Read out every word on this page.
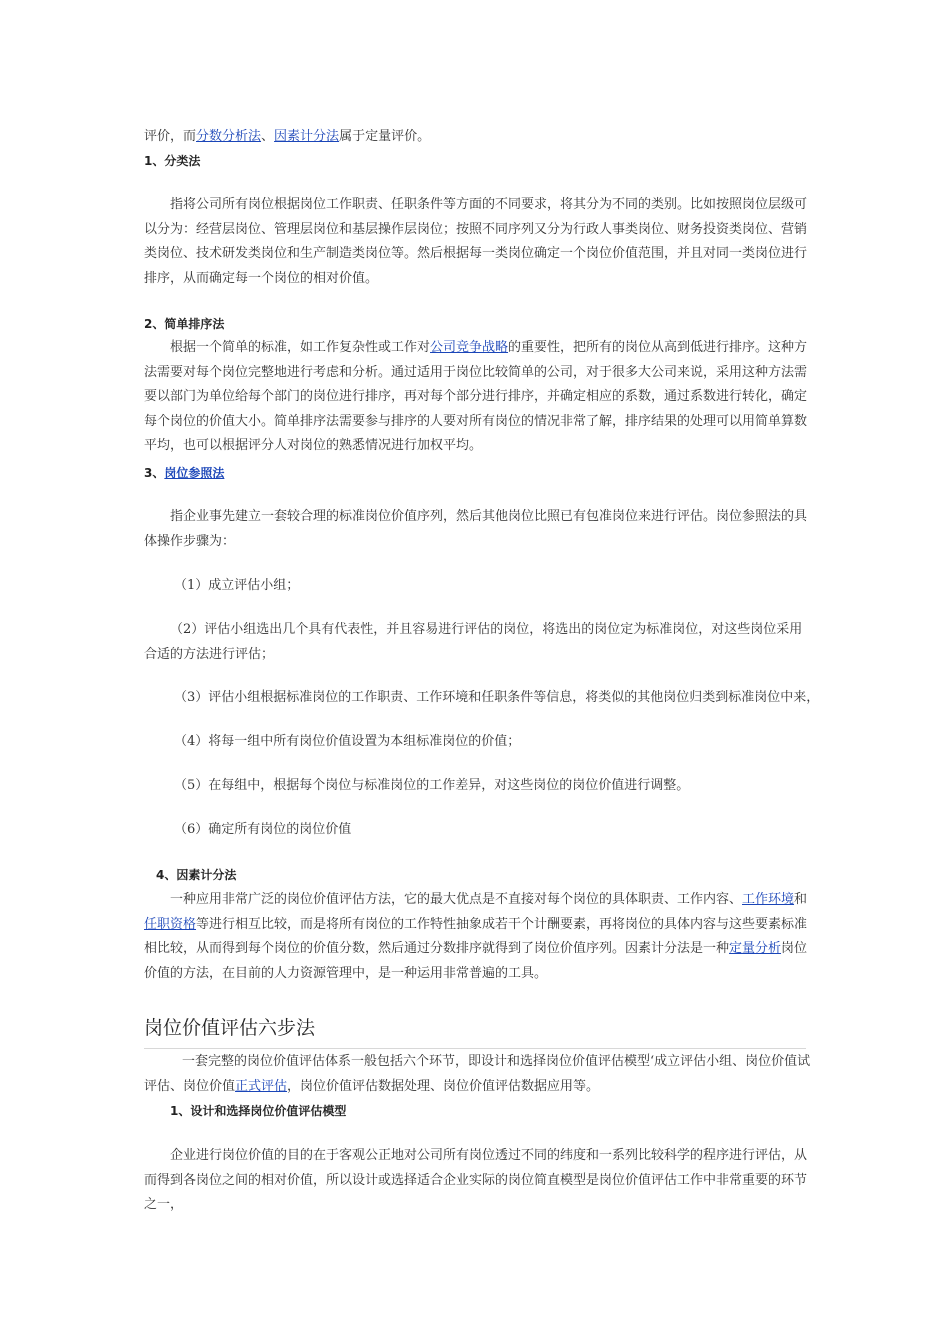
评价，而分数分析法、因素计分法属于定量评价。
1、分类法
指将公司所有岗位根据岗位工作职责、任职条件等方面的不同要求，将其分为不同的类别。比如按照岗位层级可以分为：经营层岗位、管理层岗位和基层操作层岗位；按照不同序列又分为行政人事类岗位、财务投资类岗位、营销类岗位、技术研发类岗位和生产制造类岗位等。然后根据每一类岗位确定一个岗位价值范围，并且对同一类岗位进行排序，从而确定每一个岗位的相对价值。
2、简单排序法
根据一个简单的标准，如工作复杂性或工作对公司竞争战略的重要性，把所有的岗位从高到低进行排序。这种方法需要对每个岗位完整地进行考虑和分析。通过适用于岗位比较简单的公司，对于很多大公司来说，采用这种方法需要以部门为单位给每个部门的岗位进行排序，再对每个部分进行排序，并确定相应的系数，通过系数进行转化，确定每个岗位的价值大小。简单排序法需要参与排序的人要对所有岗位的情况非常了解，排序结果的处理可以用简单算数平均，也可以根据评分人对岗位的熟悉情况进行加权平均。
3、岗位参照法
指企业事先建立一套较合理的标准岗位价值序列，然后其他岗位比照已有包准岗位来进行评估。岗位参照法的具体操作步骤为：
（1）成立评估小组；
（2）评估小组选出几个具有代表性，并且容易进行评估的岗位，将选出的岗位定为标准岗位，对这些岗位采用合适的方法进行评估；
（3）评估小组根据标准岗位的工作职责、工作环境和任职条件等信息，将类似的其他岗位归类到标准岗位中来，
（4）将每一组中所有岗位价值设置为本组标准岗位的价值；
（5）在每组中，根据每个岗位与标准岗位的工作差异，对这些岗位的岗位价值进行调整。
（6）确定所有岗位的岗位价值
4、因素计分法
一种应用非常广泛的岗位价值评估方法，它的最大优点是不直接对每个岗位的具体职责、工作内容、工作环境和任职资格等进行相互比较，而是将所有岗位的工作特性抽象成若干个计酬要素，再将岗位的具体内容与这些要素标准相比较，从而得到每个岗位的价值分数，然后通过分数排序就得到了岗位价值序列。因素计分法是一种定量分析岗位价值的方法，在目前的人力资源管理中，是一种运用非常普遍的工具。
岗位价值评估六步法
一套完整的岗位价值评估体系一般包括六个环节，即设计和选择岗位价值评估模型‘成立评估小组、岗位价值试评估、岗位价值正式评估，岗位价值评估数据处理、岗位价值评估数据应用等。
1、设计和选择岗位价值评估模型
企业进行岗位价值的目的在于客观公正地对公司所有岗位透过不同的纬度和一系列比较科学的程序进行评估，从而得到各岗位之间的相对价值，所以设计或选择适合企业实际的岗位简直模型是岗位价值评估工作中非常重要的环节之一，
